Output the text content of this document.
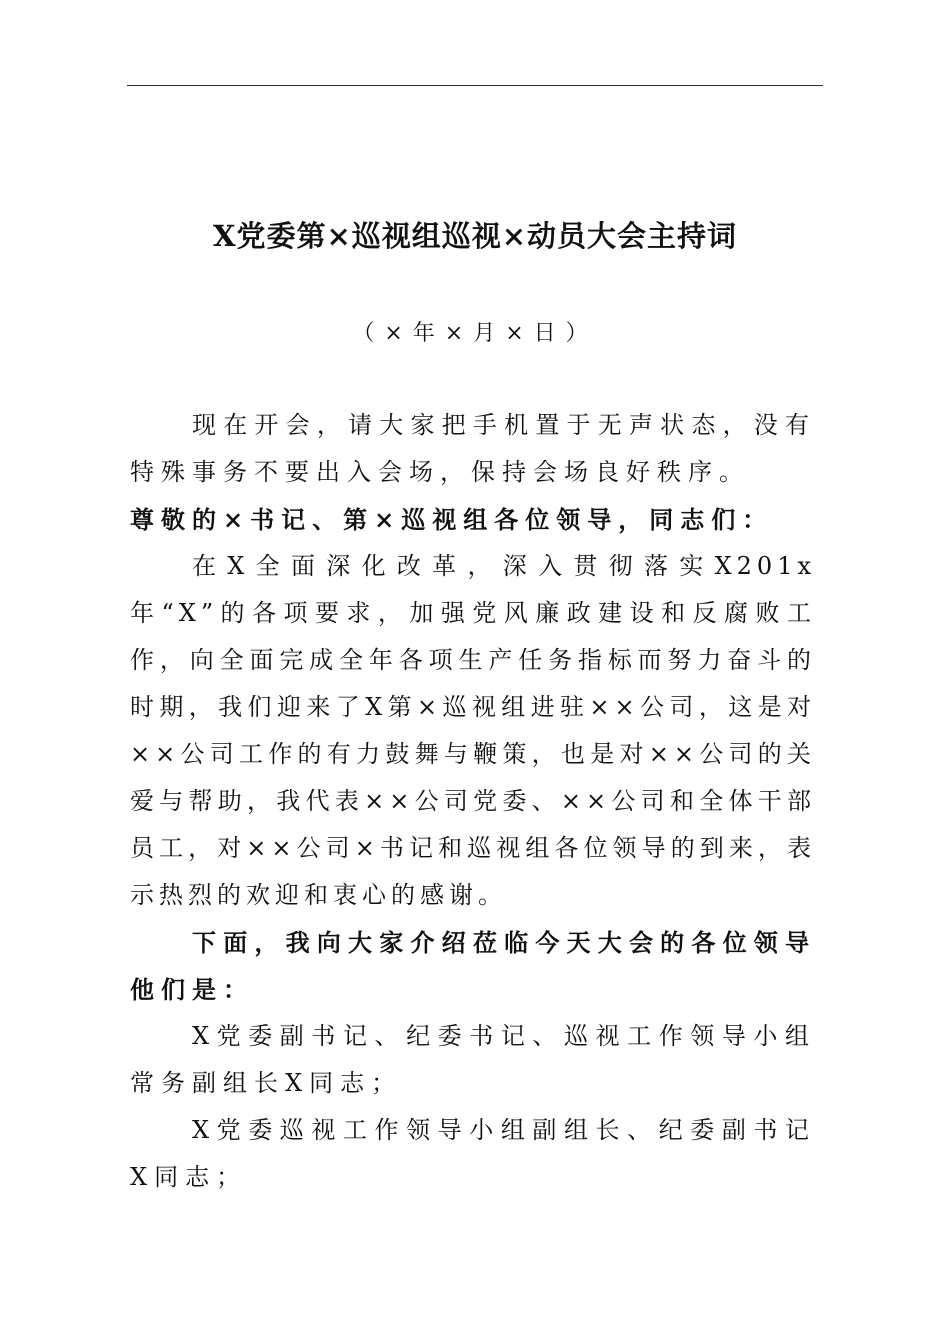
X党委第×巡视组巡视×动员大会主持词
（×年×月×日）

现在开会，请大家把手机置于无声状态，没有特殊事务不要出入会场，保持会场良好秩序。

尊敬的×书记、第×巡视组各位领导，同志们：

在X全面深化改革，深入贯彻落实X201x年“X”的各项要求，加强党风廉政建设和反腐败工作，向全面完成全年各项生产任务指标而努力奋斗的时期，我们迎来了X第×巡视组进驻××公司，这是对××公司工作的有力鼓舞与鞭策，也是对××公司的关爱与帮助，我代表××公司党委、××公司和全体干部员工，对××公司×书记和巡视组各位领导的到来，表示热烈的欢迎和衷心的感谢。

下面，我向大家介绍莅临今天大会的各位领导他们是：

X党委副书记、纪委书记、巡视工作领导小组常务副组长X同志；

X党委巡视工作领导小组副组长、纪委副书记X同志；
